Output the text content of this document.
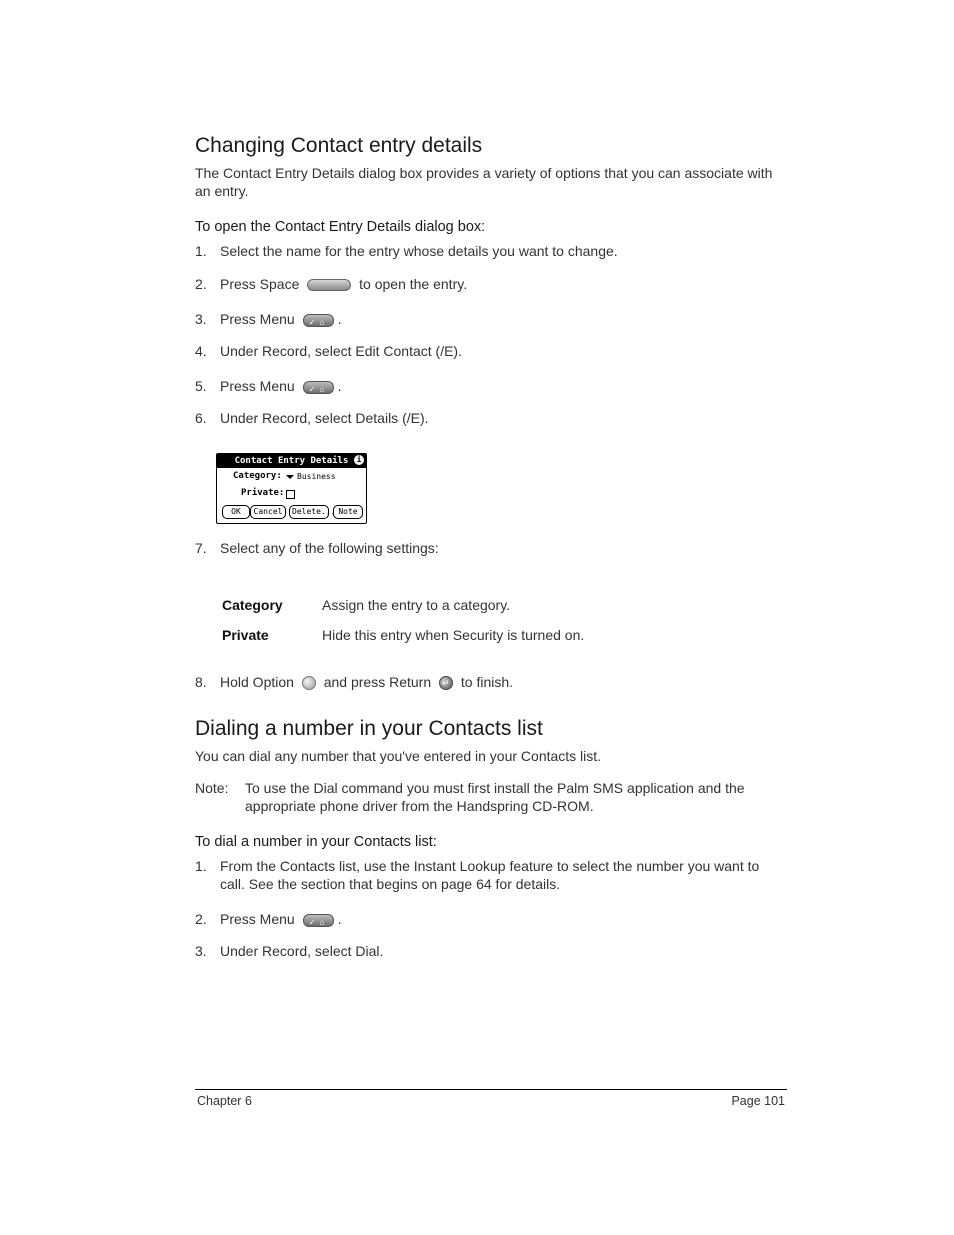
Changing Contact entry details
The Contact Entry Details dialog box provides a variety of options that you can associate with an entry.
To open the Contact Entry Details dialog box:
1. Select the name for the entry whose details you want to change.
2. Press Space	to open the entry.
3. Press Menu ✓ ⌂ .
4. Under Record, select Edit Contact (/E).
5. Press Menu ✓ ⌂ .
6. Under Record, select Details (/E).
Contact Entry Details	i
Category: Business
Private:
OK	Cancel	Delete... Note
7. Select any of the following settings:
Category	Assign the entry to a category.
Private	Hide this entry when Security is turned on.
8. Hold Option and press Return ↵ to finish.
Dialing a number in your Contacts list
You can dial any number that you've entered in your Contacts list.
Note:	To use the Dial command you must first install the Palm SMS application and the appropriate phone driver from the Handspring CD-ROM.
To dial a number in your Contacts list:
1. From the Contacts list, use the Instant Lookup feature to select the number you want to call. See the section that begins on page 64 for details.
2. Press Menu ✓ ⌂ .
3. Under Record, select Dial.
Chapter 6	Page 101
